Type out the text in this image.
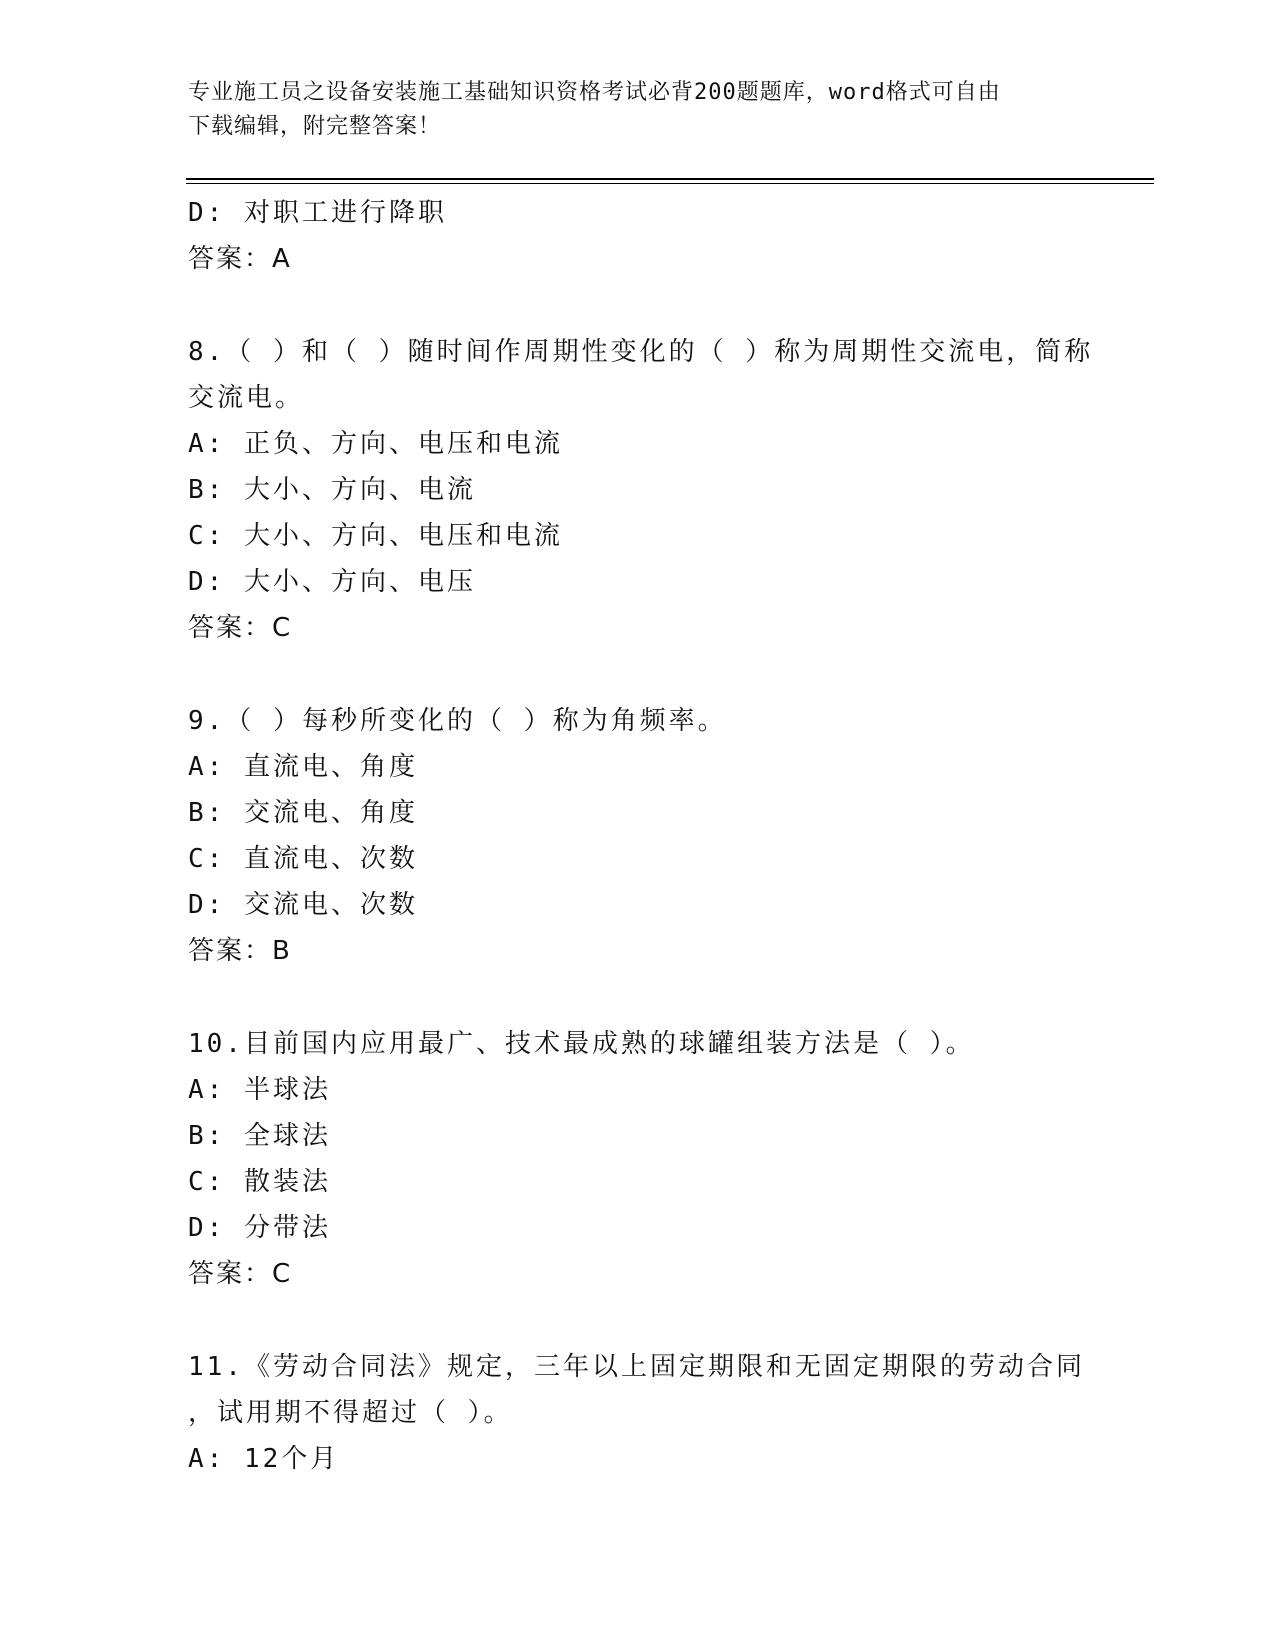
专业施工员之设备安装施工基础知识资格考试必背200题题库，word格式可自由
下载编辑，附完整答案！
D: 对职工进行降职
答案：A
8.（ ）和（ ）随时间作周期性变化的（ ）称为周期性交流电，简称
交流电。
A: 正负、方向、电压和电流
B: 大小、方向、电流
C: 大小、方向、电压和电流
D: 大小、方向、电压
答案：C
9.（ ）每秒所变化的（ ）称为角频率。
A: 直流电、角度
B: 交流电、角度
C: 直流电、次数
D: 交流电、次数
答案：B
10.目前国内应用最广、技术最成熟的球罐组装方法是（ ）。
A: 半球法
B: 全球法
C: 散装法
D: 分带法
答案：C
11.《劳动合同法》规定，三年以上固定期限和无固定期限的劳动合同
，试用期不得超过（ ）。
A: 12个月
